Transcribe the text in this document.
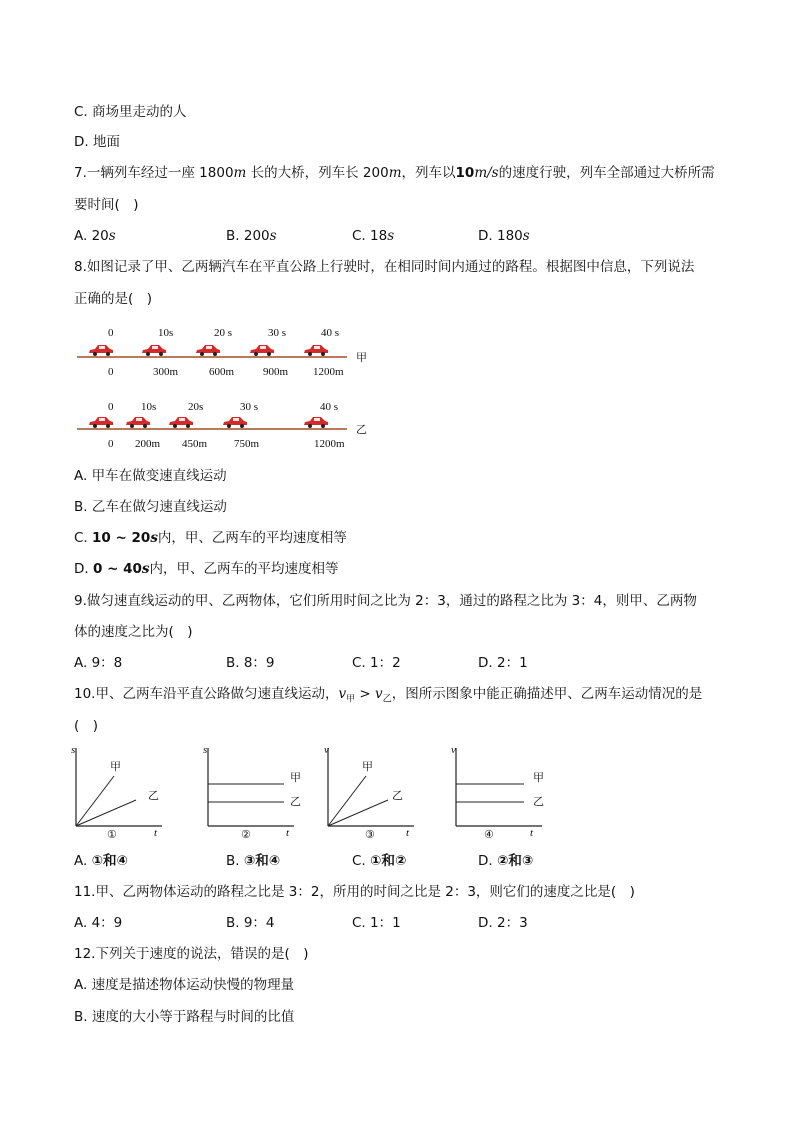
C. 商场里走动的人
D. 地面
7.一辆列车经过一座 1800m 长的大桥，列车长 200m，列车以10m/s的速度行驶，列车全部通过大桥所需
要时间(　)
A. 20s	B. 200s	C. 18s	D. 180s
8.如图记录了甲、乙两辆汽车在平直公路上行驶时，在相同时间内通过的路程。根据图中信息，下列说法
正确的是(　)
0	10s	20 s	30 s	40 s
甲
0	300m	600m	900m 1200m
0	10s	20s	30 s	40 s
乙
0 200m 450m 750m	1200m
A. 甲车在做变速直线运动
B. 乙车在做匀速直线运动
C. 10 ~ 20s内，甲、乙两车的平均速度相等
D. 0 ~ 40s内，甲、乙两车的平均速度相等
9.做匀速直线运动的甲、乙两物体，它们所用时间之比为 2：3，通过的路程之比为 3：4，则甲、乙两物
体的速度之比为(　)
A. 9：8	B. 8：9	C. 1：2	D. 2：1
10.甲、乙两车沿平直公路做匀速直线运动，$v_甲 > v_乙$，图所示图象中能正确描述甲、乙两车运动情况的是
(　)
s
t
甲
乙
①
s
t
甲
乙
②
v
t
甲
乙
③
v
t
甲
乙
④
A. ①和④	B. ③和④	C. ①和②	D. ②和③
11.甲、乙两物体运动的路程之比是 3：2，所用的时间之比是 2：3，则它们的速度之比是(　)
A. 4：9	B. 9：4	C. 1：1	D. 2：3
12.下列关于速度的说法，错误的是(　)
A. 速度是描述物体运动快慢的物理量
B. 速度的大小等于路程与时间的比值
